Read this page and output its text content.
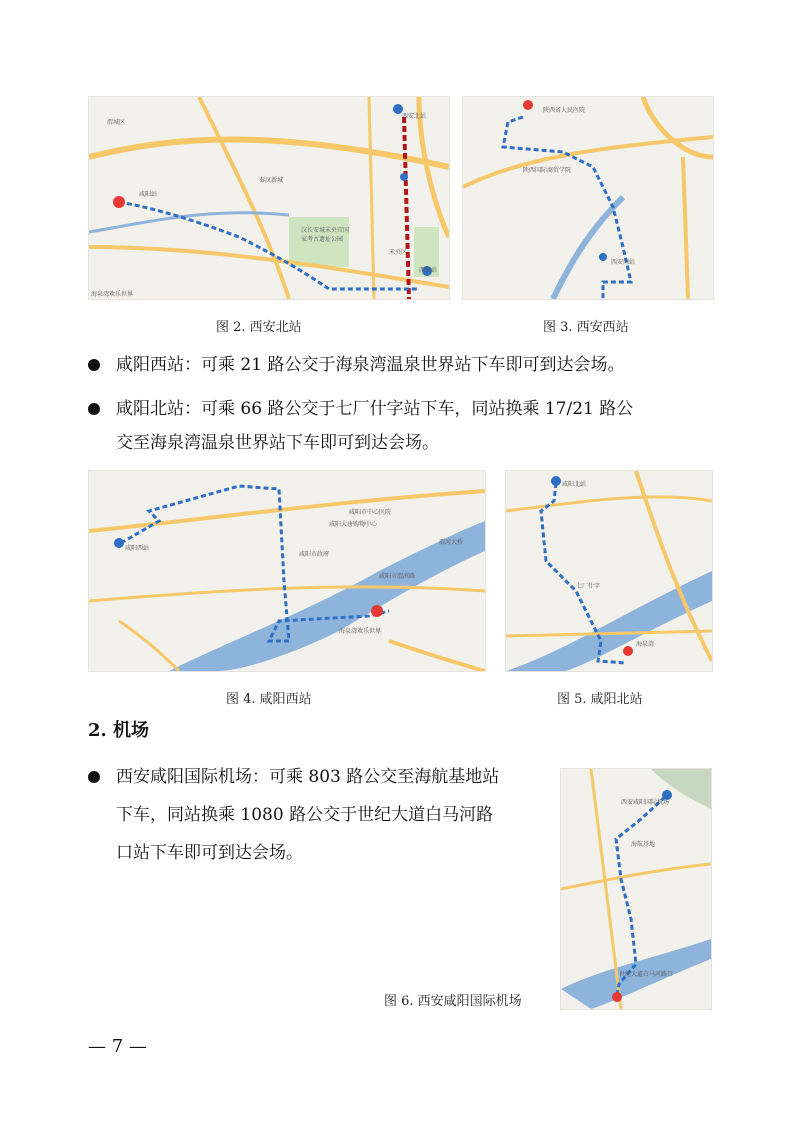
渭城区
西安北站
秦汉新城
汉长安城未央宫国家考古遗址公园
未央区
海泉湾欢乐世界
咸阳站
西安站
图 2. 西安北站
陕西省人民医院
陕西国际商贸学院
西安西站
图 3. 西安西站
咸阳西站：可乘 21 路公交于海泉湾温泉世界站下车即可到达会场。
咸阳北站：可乘 66 路公交于七厂什字站下车，同站换乘 17/21 路公
交至海泉湾温泉世界站下车即可到达会场。
咸阳西站
咸阳大唐购物中心
咸阳市中心医院
咸阳市政府
咸阳市渭滨路
渭河大桥
海泉湾欢乐世界
图 4. 咸阳西站
咸阳北站
七厂什字
海泉湾
图 5. 咸阳北站
2. 机场
西安咸阳国际机场：可乘 803 路公交至海航基地站
下车，同站换乘 1080 路公交于世纪大道白马河路
口站下车即可到达会场。
西安咸阳国际机场
海航基地
世纪大道白马河路口
图 6. 西安咸阳国际机场
— 7 —
